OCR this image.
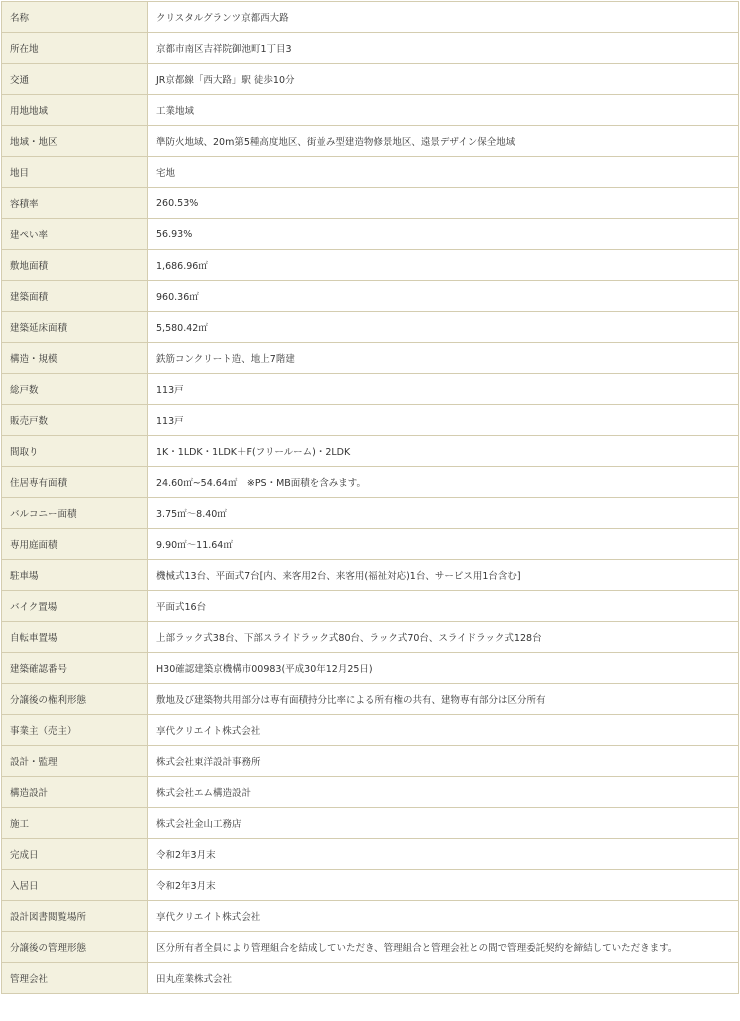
名称	クリスタルグランツ京都西大路
所在地	京都市南区吉祥院御池町1丁目3
交通	JR京都線「西大路」駅 徒歩10分
用地地域	工業地域
地域・地区	準防火地域、20m第5種高度地区、街並み型建造物修景地区、遠景デザイン保全地域
地目	宅地
容積率	260.53%
建ぺい率	56.93%
敷地面積	1,686.96㎡
建築面積	960.36㎡
建築延床面積	5,580.42㎡
構造・規模	鉄筋コンクリート造、地上7階建
総戸数	113戸
販売戸数	113戸
間取り	1K・1LDK・1LDK＋F(フリールーム)・2LDK
住居専有面積	24.60㎡~54.64㎡　※PS・MB面積を含みます。
バルコニー面積	3.75㎡～8.40㎡
専用庭面積	9.90㎡～11.64㎡
駐車場	機械式13台、平面式7台[内、来客用2台、来客用(福祉対応)1台、サービス用1台含む]
バイク置場	平面式16台
自転車置場	上部ラック式38台、下部スライドラック式80台、ラック式70台、スライドラック式128台
建築確認番号	H30確認建築京機構市00983(平成30年12月25日)
分譲後の権利形態	敷地及び建築物共用部分は専有面積持分比率による所有権の共有、建物専有部分は区分所有
事業主（売主）	享代クリエイト株式会社
設計・監理	株式会社東洋設計事務所
構造設計	株式会社エム構造設計
施工	株式会社金山工務店
完成日	令和2年3月末
入居日	令和2年3月末
設計図書閲覧場所	享代クリエイト株式会社
分譲後の管理形態	区分所有者全員により管理組合を結成していただき、管理組合と管理会社との間で管理委託契約を締結していただきます。
管理会社	田丸産業株式会社
